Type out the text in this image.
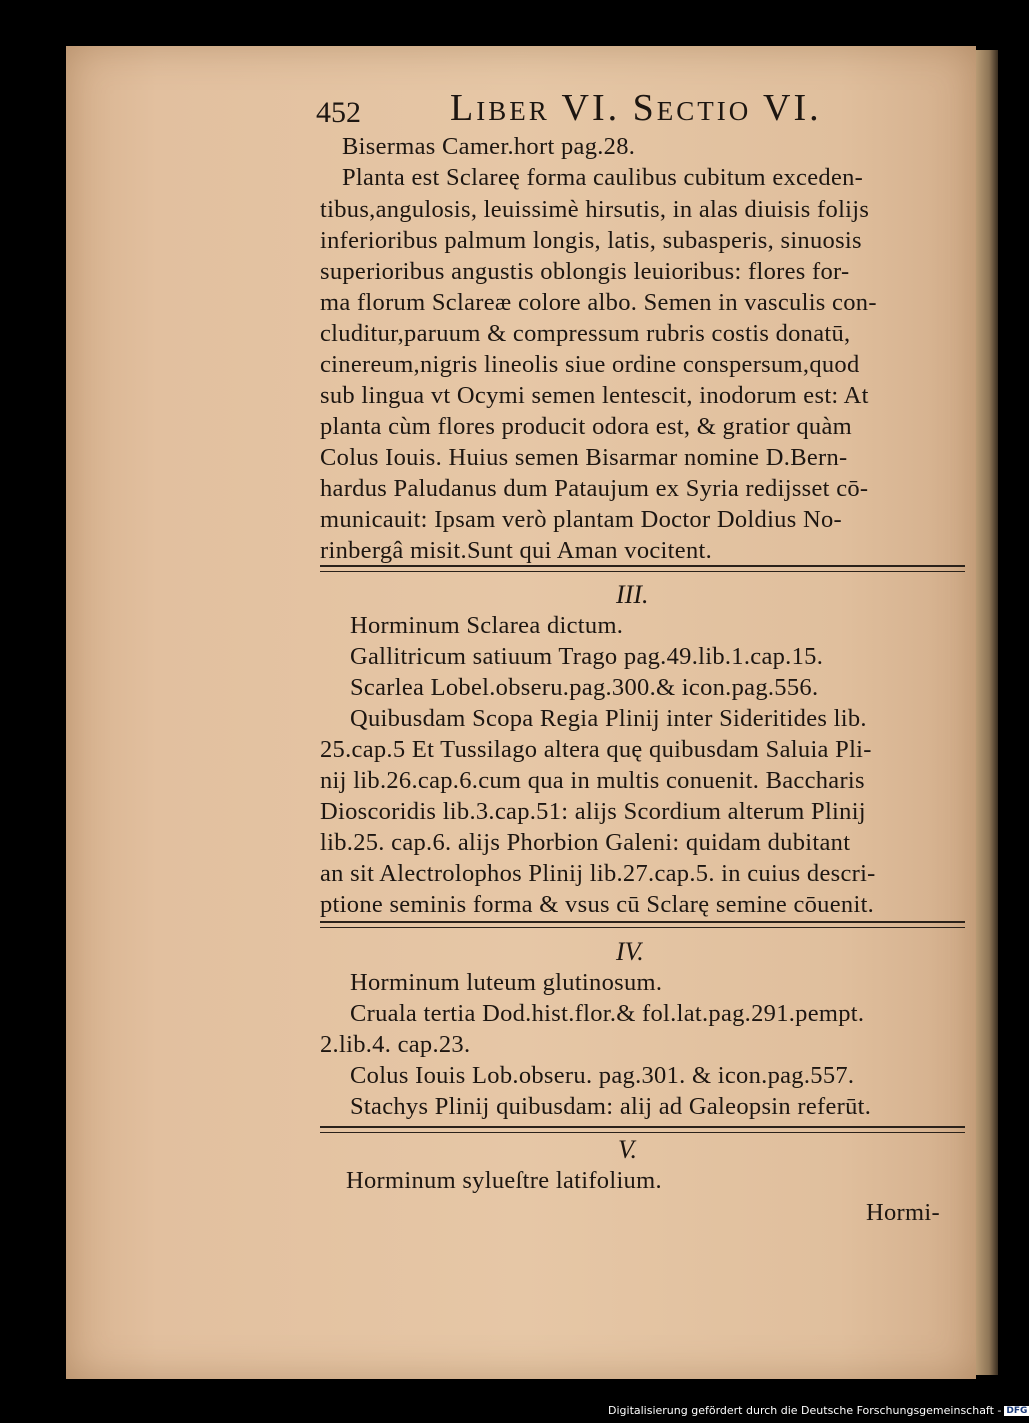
452 Liber VI. Sectio VI.
Bisermas Camer.hort pag.28.
Planta est Sclareę forma caulibus cubitum exceden-
tibus,angulosis, leuissimè hirsutis, in alas diuisis folijs
inferioribus palmum longis, latis, subasperis, sinuosis
superioribus angustis oblongis leuioribus: flores for-
ma florum Sclareæ colore albo. Semen in vasculis con-
cluditur,paruum & compressum rubris costis donatū,
cinereum,nigris lineolis siue ordine conspersum,quod
sub lingua vt Ocymi semen lentescit, inodorum est: At
planta cùm flores producit odora est, & gratior quàm
Colus Iouis. Huius semen Bisarmar nomine D.Bern-
hardus Paludanus dum Pataujum ex Syria redijsset cō-
municauit: Ipsam verò plantam Doctor Doldius No-
rinbergâ misit.Sunt qui Aman vocitent.
III.
Horminum Sclarea dictum.
Gallitricum satiuum Trago pag.49.lib.1.cap.15.
Scarlea Lobel.obseru.pag.300.& icon.pag.556.
Quibusdam Scopa Regia Plinij inter Sideritides lib.
25.cap.5 Et Tussilago altera quę quibusdam Saluia Pli-
nij lib.26.cap.6.cum qua in multis conuenit. Baccharis
Dioscoridis lib.3.cap.51: alijs Scordium alterum Plinij
lib.25. cap.6. alijs Phorbion Galeni: quidam dubitant
an sit Alectrolophos Plinij lib.27.cap.5. in cuius descri-
ptione seminis forma & vsus cū Sclarę semine cōuenit.
IV.
Horminum luteum glutinosum.
Cruala tertia Dod.hist.flor.& fol.lat.pag.291.pempt.
2.lib.4. cap.23.
Colus Iouis Lob.obseru. pag.301. & icon.pag.557.
Stachys Plinij quibusdam: alij ad Galeopsin referūt.
V.
Horminum sylueſtre latifolium.
Hormi-
Digitalisierung gefördert durch die Deutsche Forschungsgemeinschaft - DFG
